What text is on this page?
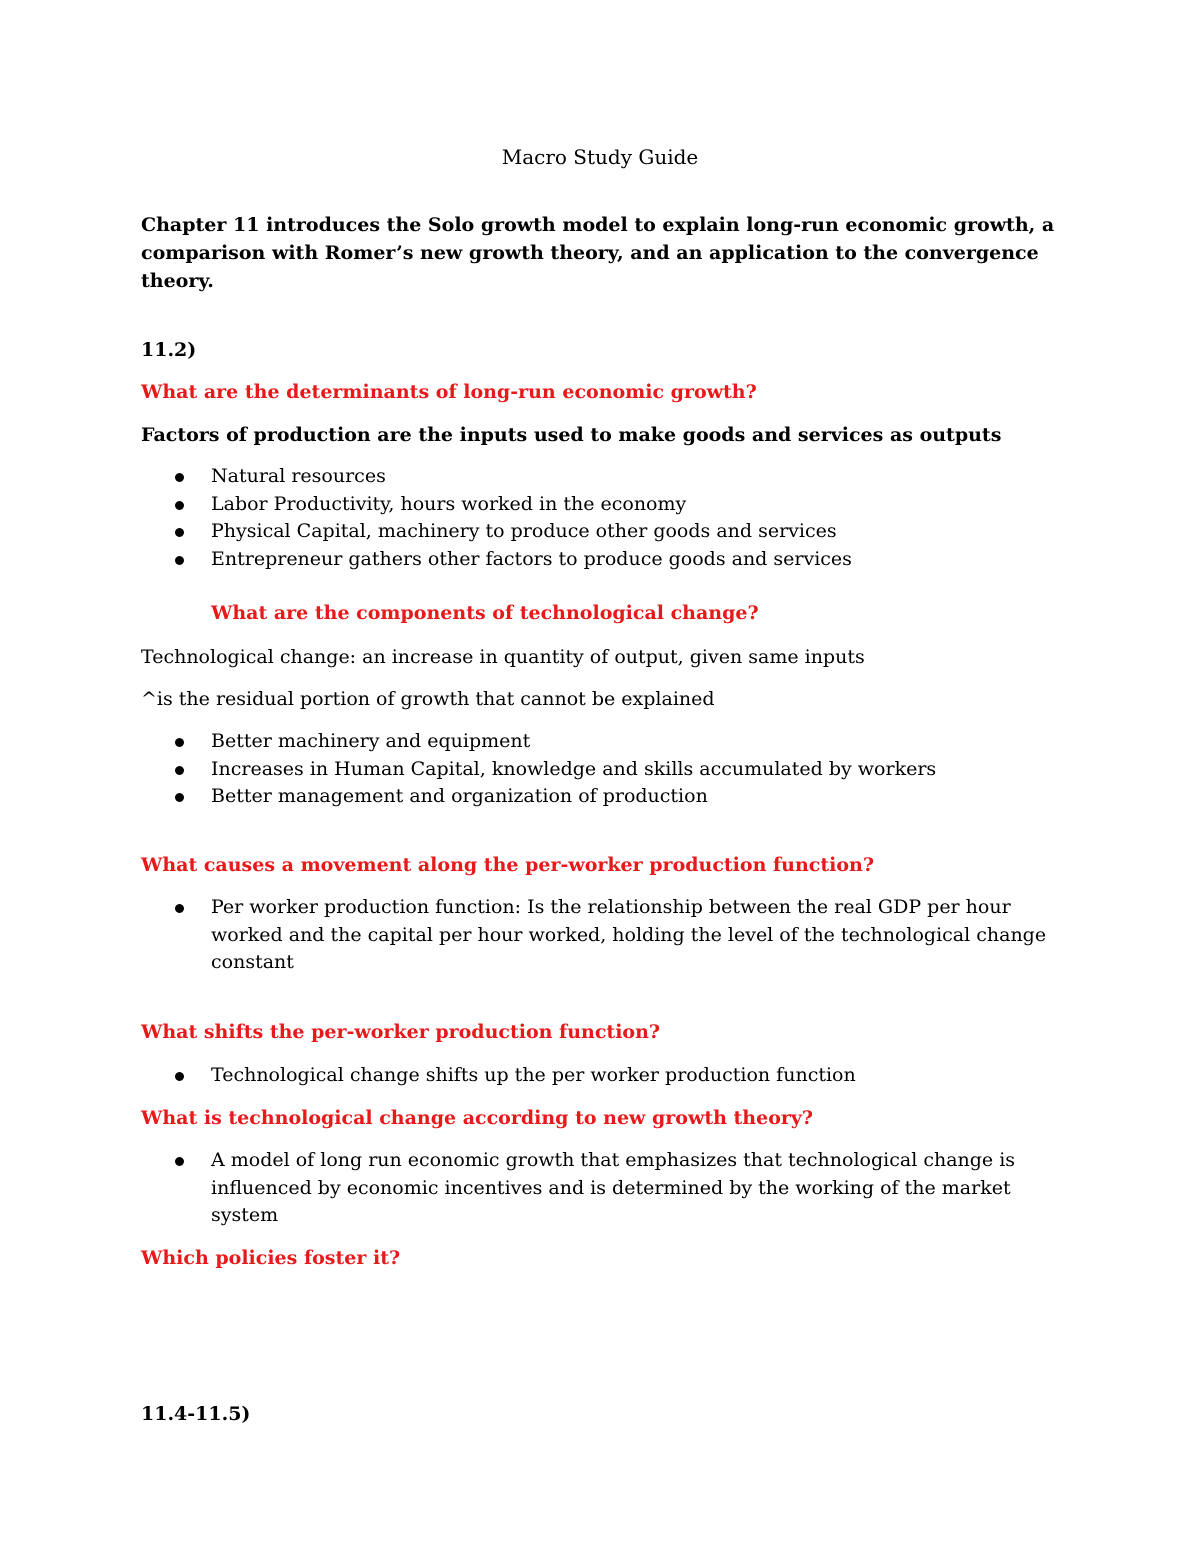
Macro Study Guide

Chapter 11 introduces the Solo growth model to explain long-run economic growth, a
comparison with Romer’s new growth theory, and an application to the convergence
theory.

11.2)

What are the determinants of long-run economic growth?

Factors of production are the inputs used to make goods and services as outputs

Natural resources
Labor Productivity, hours worked in the economy
Physical Capital, machinery to produce other goods and services
Entrepreneur gathers other factors to produce goods and services

What are the components of technological change?

Technological change: an increase in quantity of output, given same inputs

^is the residual portion of growth that cannot be explained

Better machinery and equipment
Increases in Human Capital, knowledge and skills accumulated by workers
Better management and organization of production

What causes a movement along the per-worker production function?

Per worker production function: Is the relationship between the real GDP per hour
worked and the capital per hour worked, holding the level of the technological change
constant

What shifts the per-worker production function?

Technological change shifts up the per worker production function

What is technological change according to new growth theory?

A model of long run economic growth that emphasizes that technological change is
influenced by economic incentives and is determined by the working of the market
system

Which policies foster it?

11.4-11.5)
